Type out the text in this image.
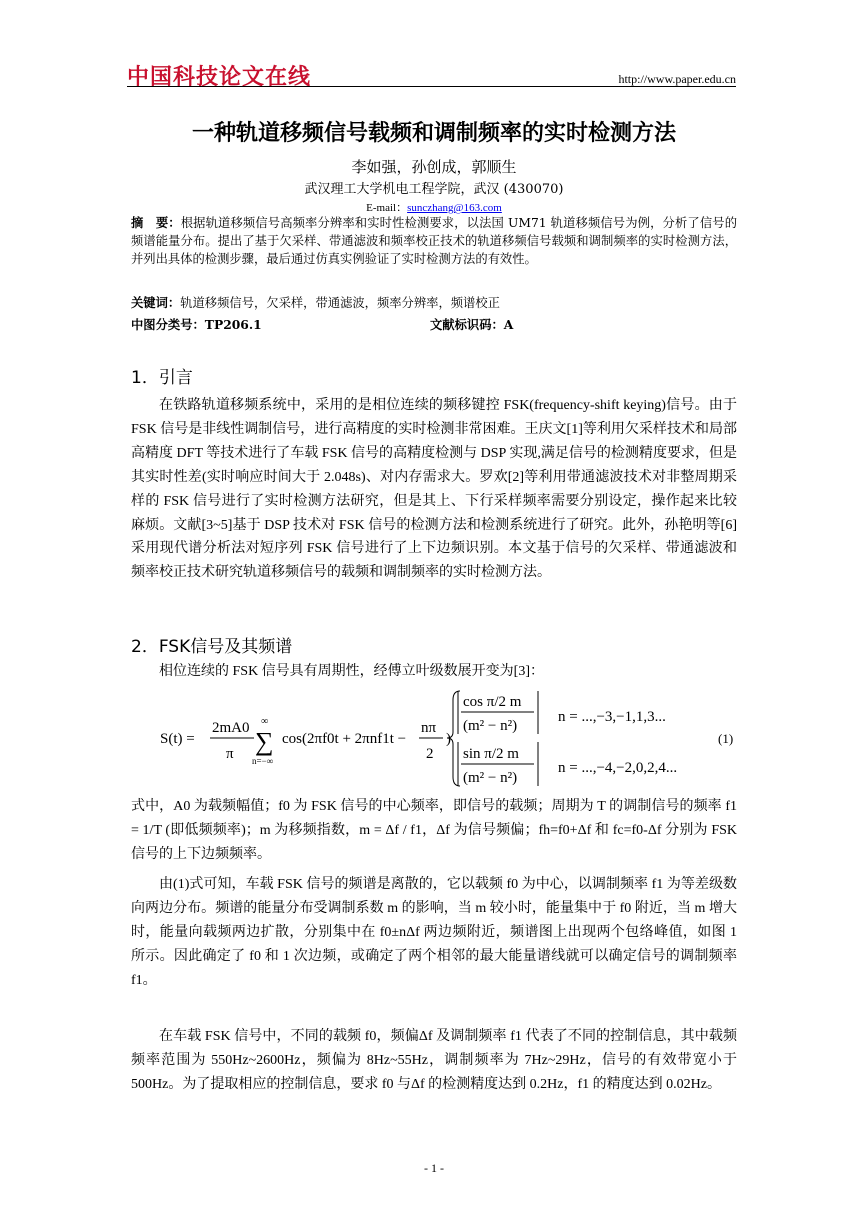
中国科技论文在线	http://www.paper.edu.cn
一种轨道移频信号载频和调制频率的实时检测方法
李如强，孙创成，郭顺生
武汉理工大学机电工程学院，武汉 (430070)
E-mail：sunczhang@163.com
摘　要：根据轨道移频信号高频率分辨率和实时性检测要求，以法国 UM71 轨道移频信号为例，分析了信号的频谱能量分布。提出了基于欠采样、带通滤波和频率校正技术的轨道移频信号载频和调制频率的实时检测方法，并列出具体的检测步骤，最后通过仿真实例验证了实时检测方法的有效性。
关键词：轨道移频信号，欠采样，带通滤波，频率分辨率，频谱校正
中图分类号：TP206.1	文献标识码：A
1．引言
在铁路轨道移频系统中，采用的是相位连续的频移键控 FSK(frequency-shift keying)信号。由于 FSK 信号是非线性调制信号，进行高精度的实时检测非常困难。王庆文[1]等利用欠采样技术和局部高精度 DFT 等技术进行了车载 FSK 信号的高精度检测与 DSP 实现,满足信号的检测精度要求，但是其实时性差(实时响应时间大于 2.048s)、对内存需求大。罗欢[2]等利用带通滤波技术对非整周期采样的 FSK 信号进行了实时检测方法研究，但是其上、下行采样频率需要分别设定，操作起来比较麻烦。文献[3~5]基于 DSP 技术对 FSK 信号的检测方法和检测系统进行了研究。此外，孙艳明等[6]采用现代谱分析法对短序列 FSK 信号进行了上下边频识别。本文基于信号的欠采样、带通滤波和频率校正技术研究轨道移频信号的载频和调制频率的实时检测方法。
2．FSK信号及其频谱
相位连续的 FSK 信号具有周期性，经傅立叶级数展开变为[3]：
S(t) =
2mA0
π
∞
∑
n=−∞
cos(2πf0t + 2πnf1t −
nπ
2
)
cos π/2 m
(m² − n²)
sin π/2 m
(m² − n²)
n = ...,−3,−1,1,3...
n = ...,−4,−2,0,2,4...
(1)
式中，A0 为载频幅值；f0 为 FSK 信号的中心频率，即信号的载频；周期为 T 的调制信号的频率 f1 = 1/T (即低频频率)；m 为移频指数，m = Δf / f1，Δf 为信号频偏；fh=f0+Δf 和 fc=f0-Δf 分别为 FSK 信号的上下边频频率。
由(1)式可知，车载 FSK 信号的频谱是离散的，它以载频 f0 为中心，以调制频率 f1 为等差级数向两边分布。频谱的能量分布受调制系数 m 的影响，当 m 较小时，能量集中于 f0 附近，当 m 增大时，能量向载频两边扩散，分别集中在 f0±nΔf 两边频附近，频谱图上出现两个包络峰值，如图 1 所示。因此确定了 f0 和 1 次边频，或确定了两个相邻的最大能量谱线就可以确定信号的调制频率 f1。
在车载 FSK 信号中，不同的载频 f0，频偏Δf 及调制频率 f1 代表了不同的控制信息，其中载频频率范围为 550Hz~2600Hz，频偏为 8Hz~55Hz，调制频率为 7Hz~29Hz，信号的有效带宽小于 500Hz。为了提取相应的控制信息，要求 f0 与Δf 的检测精度达到 0.2Hz，f1 的精度达到 0.02Hz。
- 1 -
